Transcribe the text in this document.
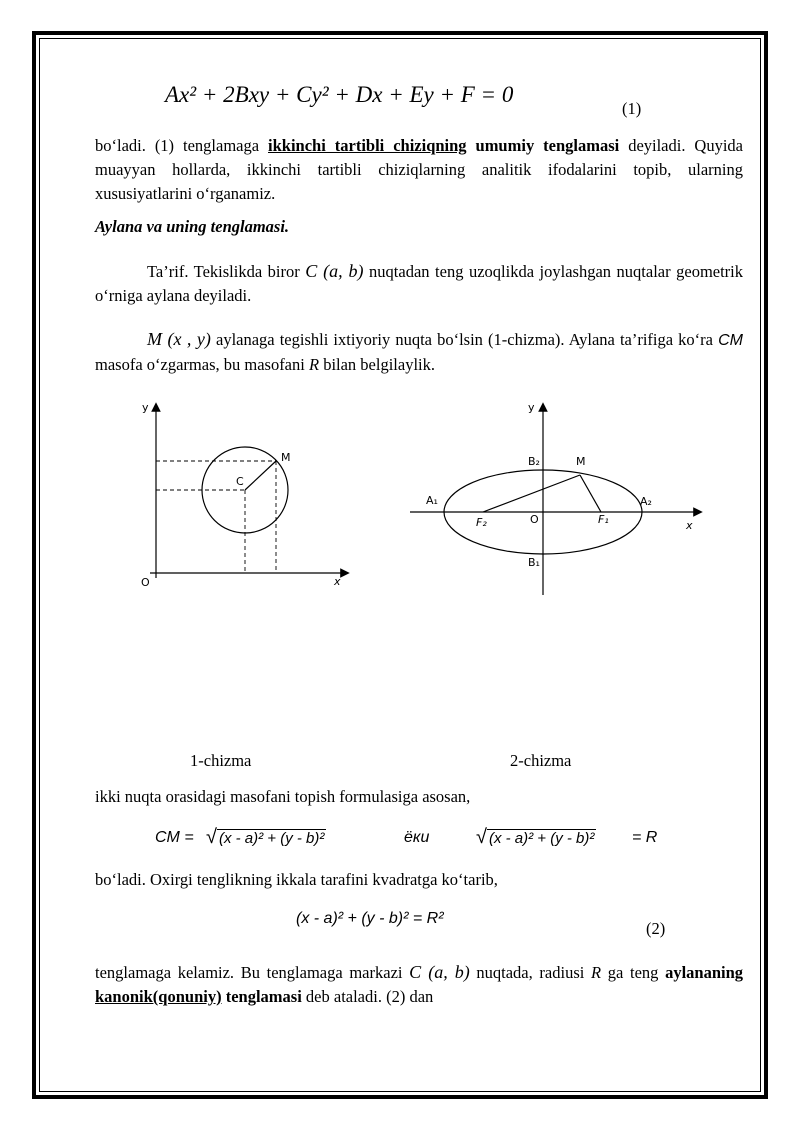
Ax² + 2Bxy + Cy² + Dx + Ey + F = 0
(1)
bo‘ladi. (1) tenglamaga ikkinchi tartibli chiziqning umumiy tenglamasi deyiladi. Quyida muayyan hollarda, ikkinchi tartibli chiziqlarning analitik ifodalarini topib, ularning xususiyatlarini o‘rganamiz.
Aylana va uning tenglamasi.
Ta’rif. Tekislikda biror C (a, b) nuqtadan teng uzoqlikda joylashgan nuqtalar geometrik o‘rniga aylana deyiladi.
M (x , y) aylanaga tegishli ixtiyoriy nuqta bo‘lsin (1-chizma). Aylana ta’rifiga ko‘ra CM masofa o‘zgarmas, bu masofani R bilan belgilaylik.
y
x
O
C
M
y
x
O
B₂
B₁
A₁	A₂
F₂	F₁
M
1-chizma	2-chizma
ikki nuqta orasidagi masofani topish formulasiga asosan,
CM = √ (x - a)² + (y - b)²	ёки √ (x - a)² + (y - b)² = R
bo‘ladi. Oxirgi tenglikning ikkala tarafini kvadratga ko‘tarib,
(x - a)² + (y - b)² = R²
(2)
tenglamaga kelamiz. Bu tenglamaga markazi C (a, b) nuqtada, radiusi R ga teng aylananing kanonik(qonuniy) tenglamasi deb ataladi. (2) dan
